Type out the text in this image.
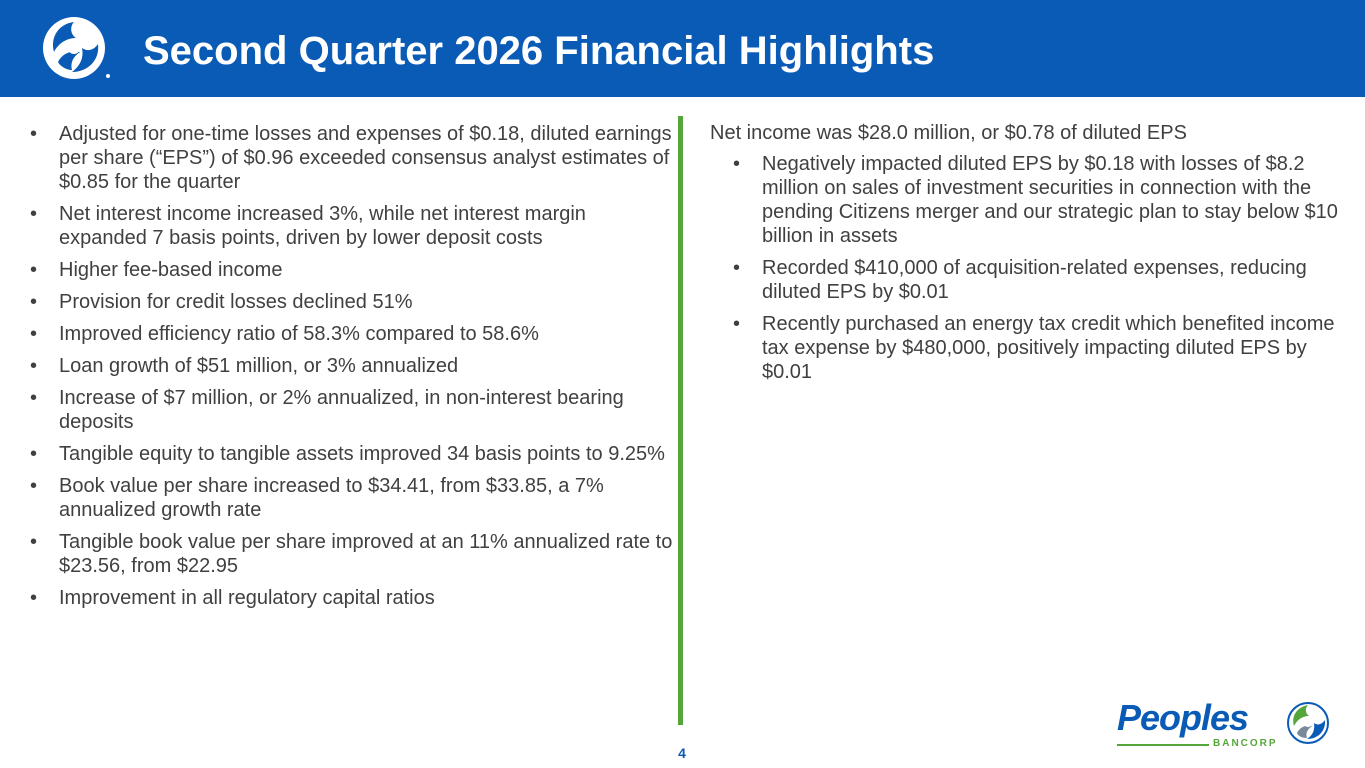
Second Quarter 2026 Financial Highlights
• Adjusted for one-time losses and expenses of $0.18, diluted earnings per share (“EPS”) of $0.96 exceeded consensus analyst estimates of $0.85 for the quarter
• Net interest income increased 3%, while net interest margin expanded 7 basis points, driven by lower deposit costs
• Higher fee-based income
• Provision for credit losses declined 51%
• Improved efficiency ratio of 58.3% compared to 58.6%
• Loan growth of $51 million, or 3% annualized
• Increase of $7 million, or 2% annualized, in non-interest bearing deposits
• Tangible equity to tangible assets improved 34 basis points to 9.25%
• Book value per share increased to $34.41, from $33.85, a 7% annualized growth rate
• Tangible book value per share improved at an 11% annualized rate to $23.56, from $22.95
• Improvement in all regulatory capital ratios
Net income was $28.0 million, or $0.78 of diluted EPS
• Negatively impacted diluted EPS by $0.18 with losses of $8.2 million on sales of investment securities in connection with the pending Citizens merger and our strategic plan to stay below $10 billion in assets
• Recorded $410,000 of acquisition-related expenses, reducing diluted EPS by $0.01
• Recently purchased an energy tax credit which benefited income tax expense by $480,000, positively impacting diluted EPS by $0.01
4
Peoples
BANCORP
